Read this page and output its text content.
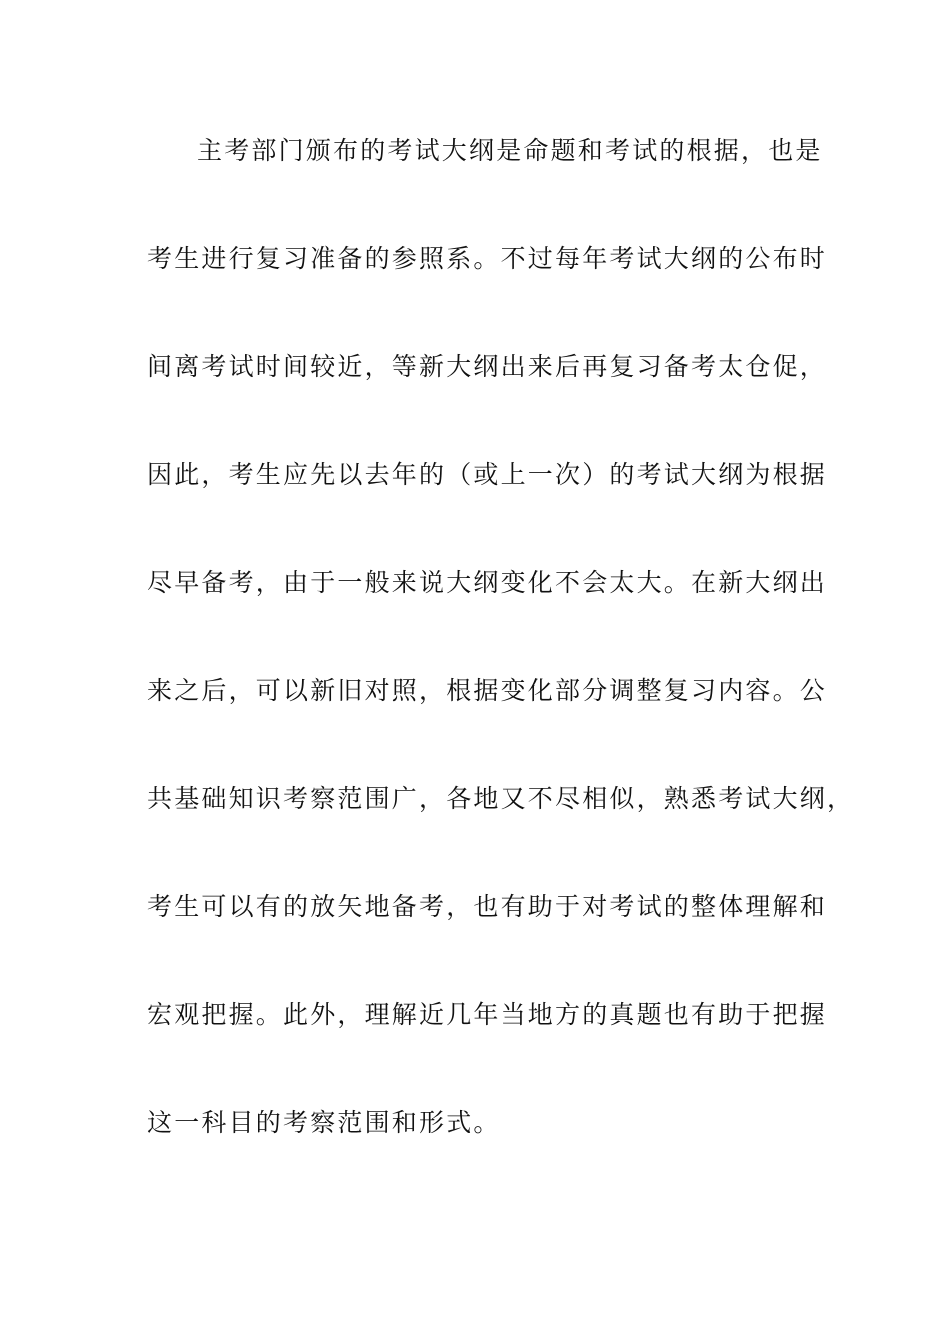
主考部门颁布的考试大纲是命题和考试的根据，也是
考生进行复习准备的参照系。不过每年考试大纲的公布时
间离考试时间较近，等新大纲出来后再复习备考太仓促，
因此，考生应先以去年的（或上一次）的考试大纲为根据
尽早备考，由于一般来说大纲变化不会太大。在新大纲出
来之后，可以新旧对照，根据变化部分调整复习内容。公
共基础知识考察范围广，各地又不尽相似，熟悉考试大纲，
考生可以有的放矢地备考，也有助于对考试的整体理解和
宏观把握。此外，理解近几年当地方的真题也有助于把握
这一科目的考察范围和形式。
